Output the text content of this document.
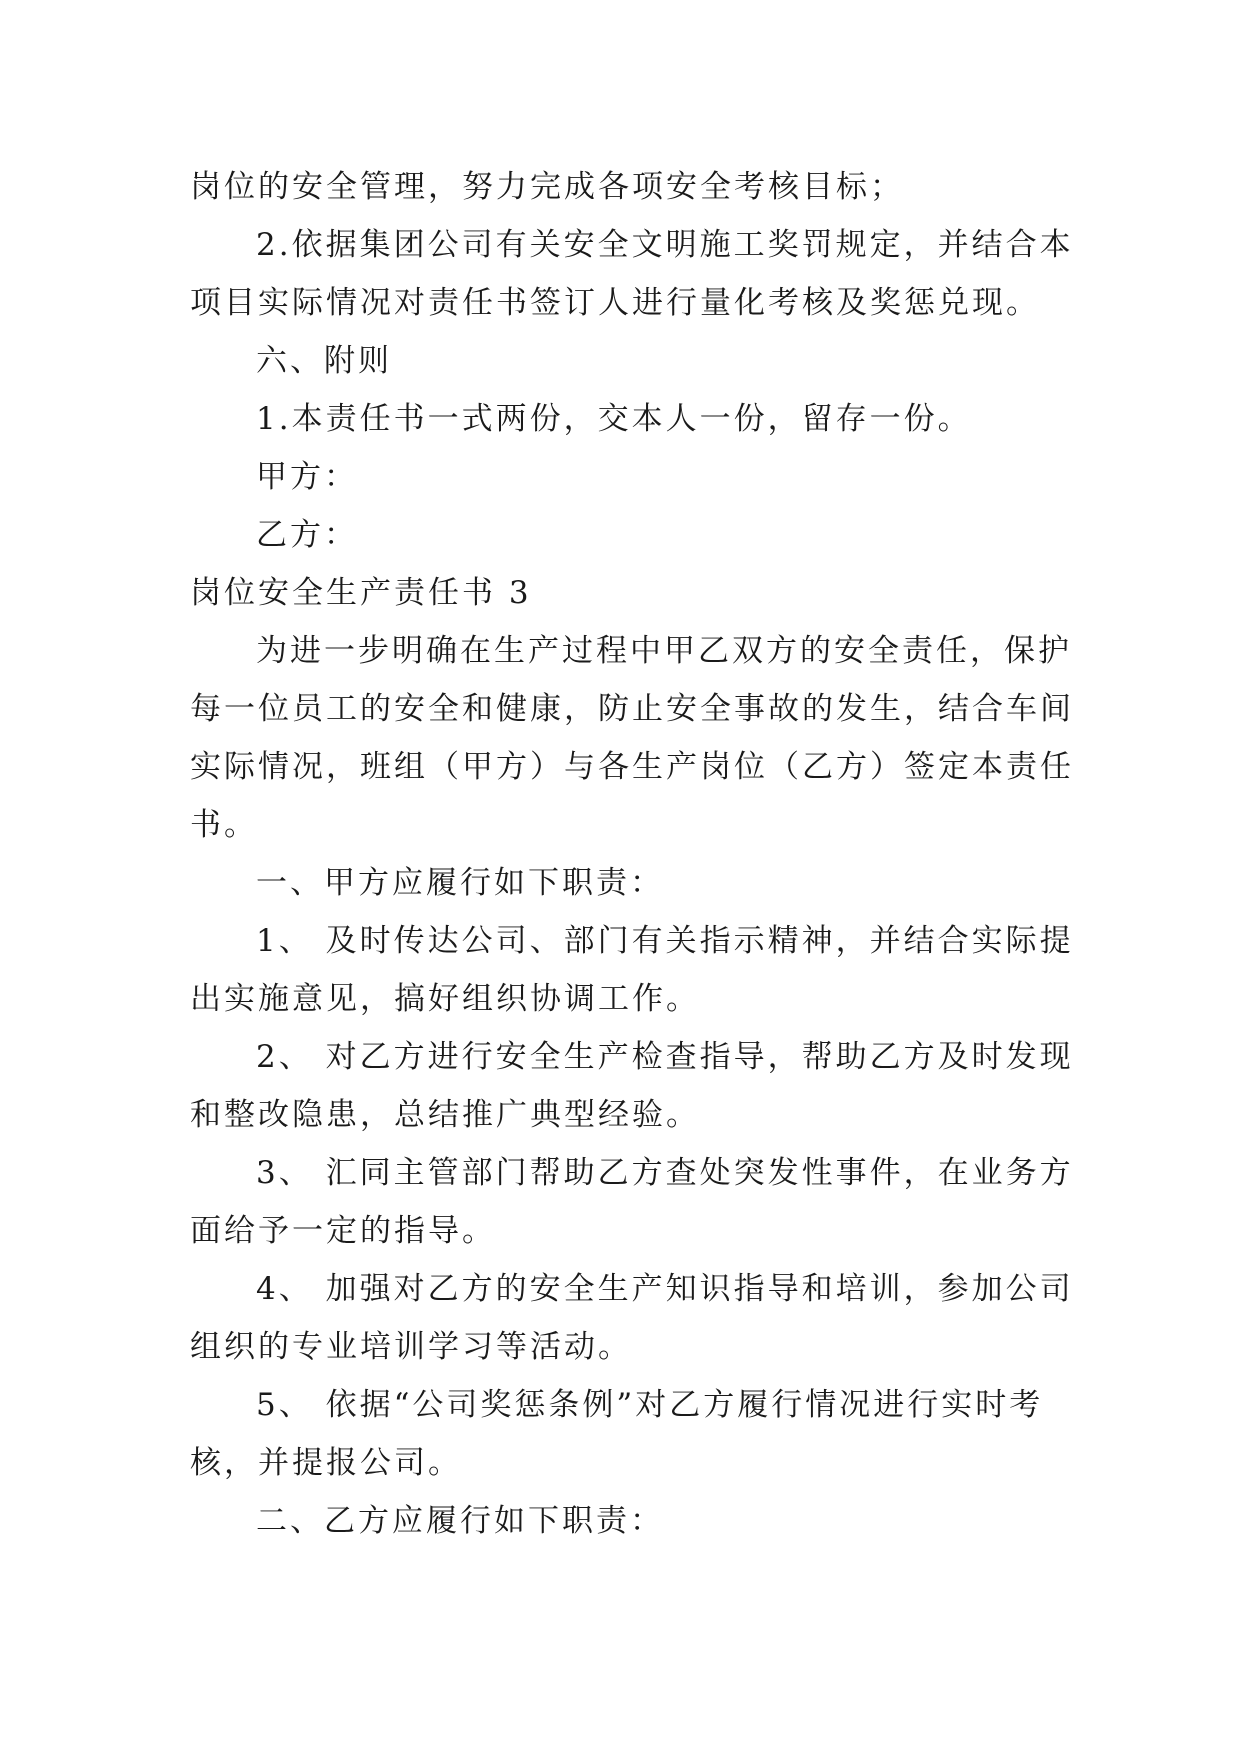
岗位的安全管理，努力完成各项安全考核目标；
2.依据集团公司有关安全文明施工奖罚规定，并结合本
项目实际情况对责任书签订人进行量化考核及奖惩兑现。
六、附则
1.本责任书一式两份，交本人一份，留存一份。
甲方：
乙方：
岗位安全生产责任书 3
为进一步明确在生产过程中甲乙双方的安全责任，保护
每一位员工的安全和健康，防止安全事故的发生，结合车间
实际情况，班组（甲方）与各生产岗位（乙方）签定本责任
书。
一、甲方应履行如下职责：
1、 及时传达公司、部门有关指示精神，并结合实际提
出实施意见，搞好组织协调工作。
2、 对乙方进行安全生产检查指导，帮助乙方及时发现
和整改隐患，总结推广典型经验。
3、 汇同主管部门帮助乙方查处突发性事件，在业务方
面给予一定的指导。
4、 加强对乙方的安全生产知识指导和培训，参加公司
组织的专业培训学习等活动。
5、 依据“公司奖惩条例”对乙方履行情况进行实时考
核，并提报公司。
二、乙方应履行如下职责：
